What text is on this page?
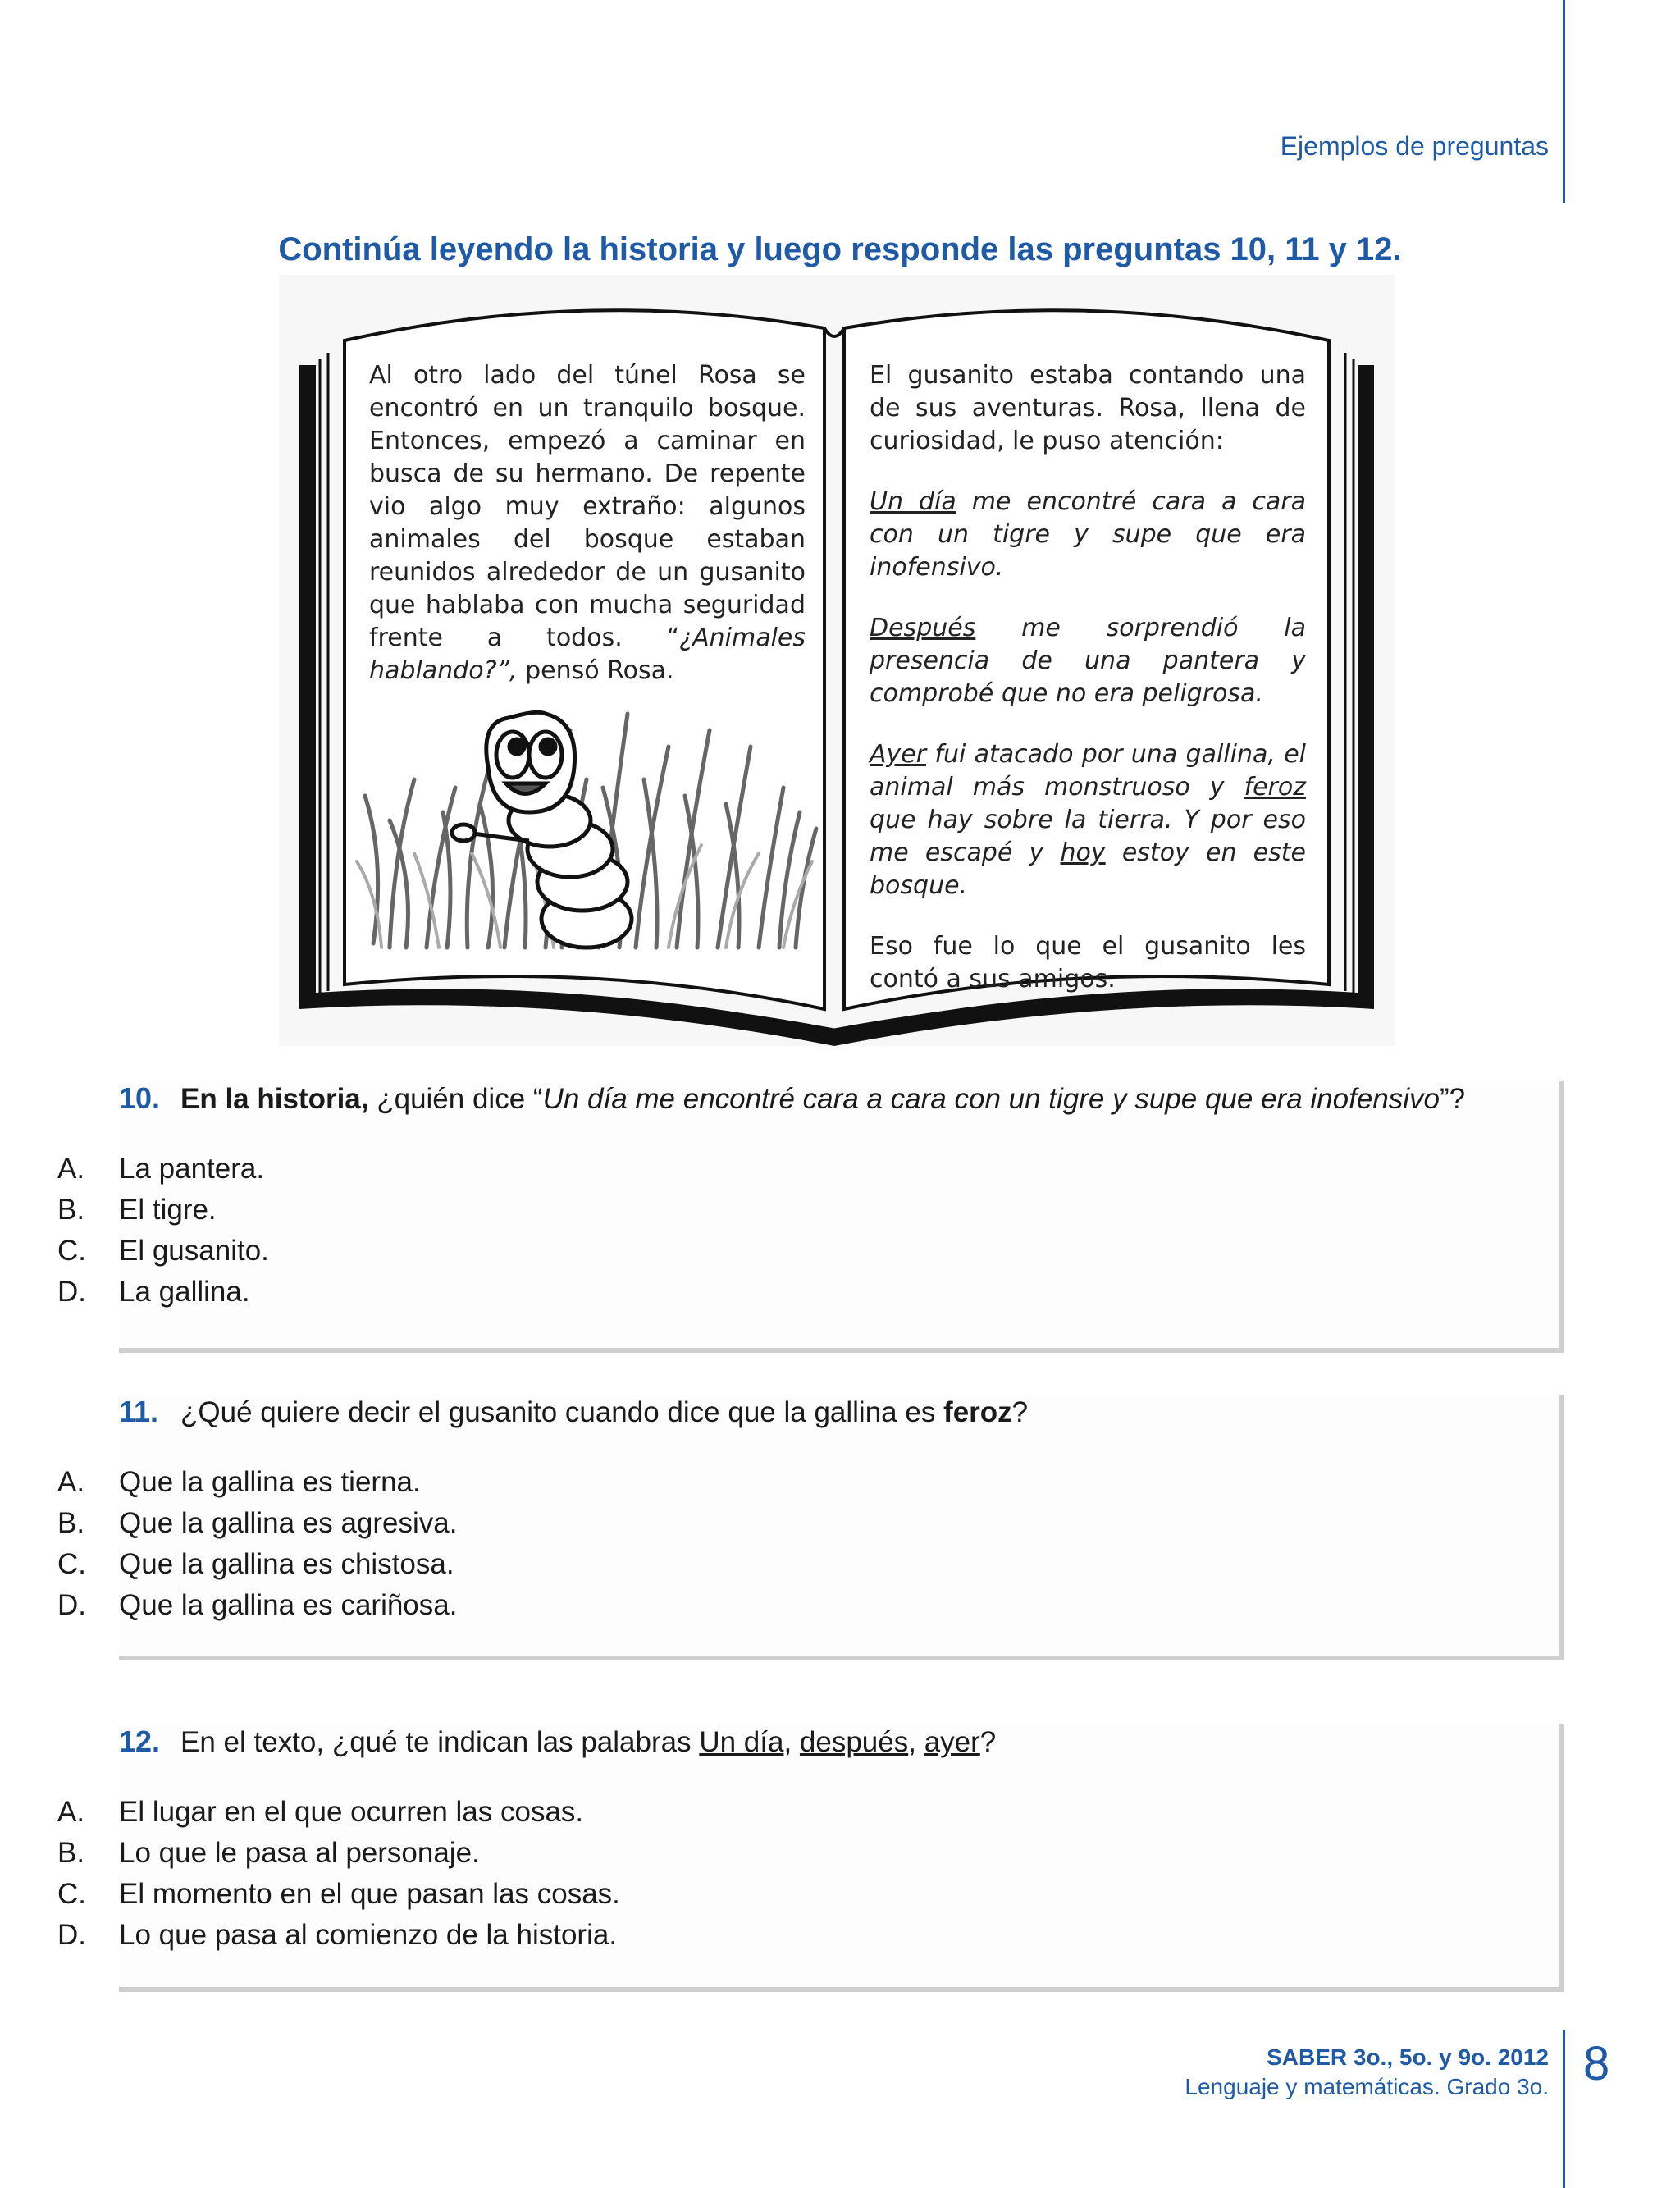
Ejemplos de preguntas
Continúa leyendo la historia y luego responde las preguntas 10, 11 y 12.

Al otro lado del túnel Rosa se encontró en un tranquilo bosque. Entonces, empezó a caminar en busca de su hermano. De repente vio algo muy extraño: algunos animales del bosque estaban reunidos alrededor de un gusanito que hablaba con mucha seguridad frente a todos. “¿Animales hablando?”, pensó Rosa.

El gusanito estaba contando una de sus aventuras. Rosa, llena de curiosidad, le puso atención:

Un día me encontré cara a cara con un tigre y supe que era inofensivo.

Después me sorprendió la presencia de una pantera y comprobé que no era peligrosa.

Ayer fui atacado por una gallina, el animal más monstruoso y feroz que hay sobre la tierra. Y por eso me escapé y hoy estoy en este bosque.

Eso fue lo que el gusanito les contó a sus amigos.

10. En la historia, ¿quién dice “Un día me encontré cara a cara con un tigre y supe que era inofensivo”?
A.	La pantera.
B.	El tigre.
C.	El gusanito.
D.	La gallina.
11. ¿Qué quiere decir el gusanito cuando dice que la gallina es feroz?
A.	Que la gallina es tierna.
B.	Que la gallina es agresiva.
C.	Que la gallina es chistosa.
D.	Que la gallina es cariñosa.
12. En el texto, ¿qué te indican las palabras Un día, después, ayer?
A.	El lugar en el que ocurren las cosas.
B.	Lo que le pasa al personaje.
C.	El momento en el que pasan las cosas.
D.	Lo que pasa al comienzo de la historia.
SABER 3o., 5o. y 9o. 2012
Lenguaje y matemáticas. Grado 3o. 8
